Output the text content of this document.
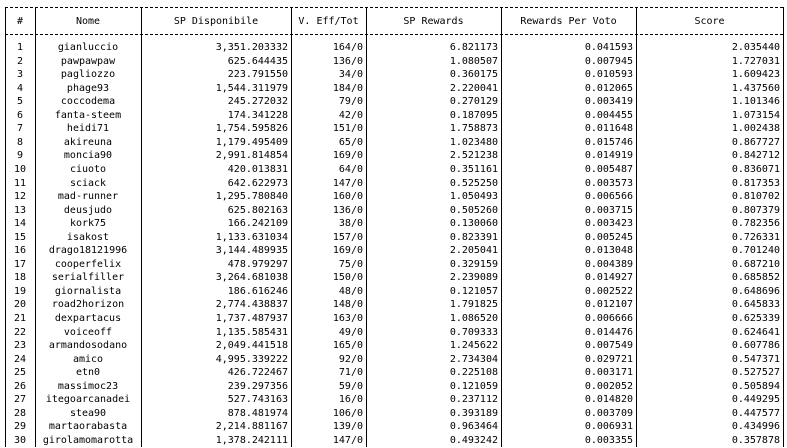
#	Nome	SP Disponibile	V. Eff/Tot	SP Rewards	Rewards Per Voto	Score
1	gianluccio	3,351.203332	164/0	6.821173	0.041593	2.035440
2	pawpawpaw	625.644435	136/0	1.080507	0.007945	1.727031
3	pagliozzo	223.791550	34/0	0.360175	0.010593	1.609423
4	phage93	1,544.311979	184/0	2.220041	0.012065	1.437560
5	coccodema	245.272032	79/0	0.270129	0.003419	1.101346
6	fanta-steem	174.341228	42/0	0.187095	0.004455	1.073154
7	heidi71	1,754.595826	151/0	1.758873	0.011648	1.002438
8	akireuna	1,179.495409	65/0	1.023480	0.015746	0.867727
9	moncia90	2,991.814854	169/0	2.521238	0.014919	0.842712
10	ciuoto	420.013831	64/0	0.351161	0.005487	0.836071
11	sciack	642.622973	147/0	0.525250	0.003573	0.817353
12	mad-runner	1,295.780840	160/0	1.050493	0.006566	0.810702
13	deusjudo	625.802163	136/0	0.505260	0.003715	0.807379
14	kork75	166.242109	38/0	0.130060	0.003423	0.782356
15	isakost	1,133.631034	157/0	0.823391	0.005245	0.726331
16	drago18121996	3,144.489935	169/0	2.205041	0.013048	0.701240
17	cooperfelix	478.979297	75/0	0.329159	0.004389	0.687210
18	serialfiller	3,264.681038	150/0	2.239089	0.014927	0.685852
19	giornalista	186.616246	48/0	0.121057	0.002522	0.648696
20	road2horizon	2,774.438837	148/0	1.791825	0.012107	0.645833
21	dexpartacus	1,737.487937	163/0	1.086520	0.006666	0.625339
22	voiceoff	1,135.585431	49/0	0.709333	0.014476	0.624641
23	armandosodano	2,049.441518	165/0	1.245622	0.007549	0.607786
24	amico	4,995.339222	92/0	2.734304	0.029721	0.547371
25	etn0	426.722467	71/0	0.225108	0.003171	0.527527
26	massimoc23	239.297356	59/0	0.121059	0.002052	0.505894
27	itegoarcanadei	527.743163	16/0	0.237112	0.014820	0.449295
28	stea90	878.481974	106/0	0.393189	0.003709	0.447577
29	martaorabasta	2,214.881167	139/0	0.963464	0.006931	0.434996
30	girolamomarotta	1,378.242111	147/0	0.493242	0.003355	0.357878
